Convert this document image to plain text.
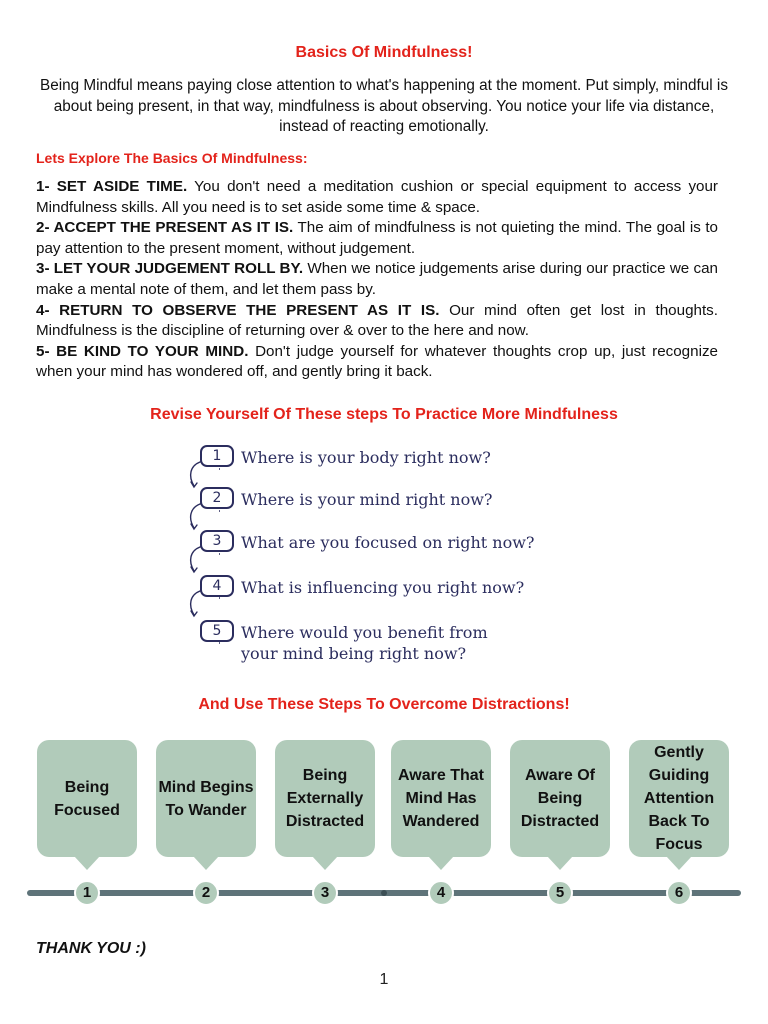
Basics Of Mindfulness!
Being Mindful means paying close attention to what's happening at the moment. Put simply, mindful is about being present, in that way, mindfulness is about observing. You notice your life via distance, instead of reacting emotionally.
Lets Explore The Basics Of Mindfulness:

1- SET ASIDE TIME. You don't need a meditation cushion or special equipment to access your Mindfulness skills. All you need is to set aside some time & space.

2- ACCEPT THE PRESENT AS IT IS. The aim of mindfulness is not quieting the mind. The goal is to pay attention to the present moment, without judgement.

3- LET YOUR JUDGEMENT ROLL BY. When we notice judgements arise during our practice we can make a mental note of them, and let them pass by.

4- RETURN TO OBSERVE THE PRESENT AS IT IS. Our mind often get lost in thoughts. Mindfulness is the discipline of returning over & over to the here and now.

5- BE KIND TO YOUR MIND. Don't judge yourself for whatever thoughts crop up, just recognize when your mind has wondered off, and gently bring it back.

Revise Yourself Of These steps To Practice More Mindfulness
1	Where is your body right now?
2	Where is your mind right now?
3	What are you focused on right now?
4	What is influencing you right now?
5	Where would you benefit from
your mind being right now?
And Use These Steps To Overcome Distractions!
Being Focused
Mind Begins To Wander
Being Externally Distracted
Aware That Mind Has Wandered
Aware Of Being Distracted
Gently Guiding Attention Back To Focus
1	2	3	4	5	6
THANK YOU :)
1
